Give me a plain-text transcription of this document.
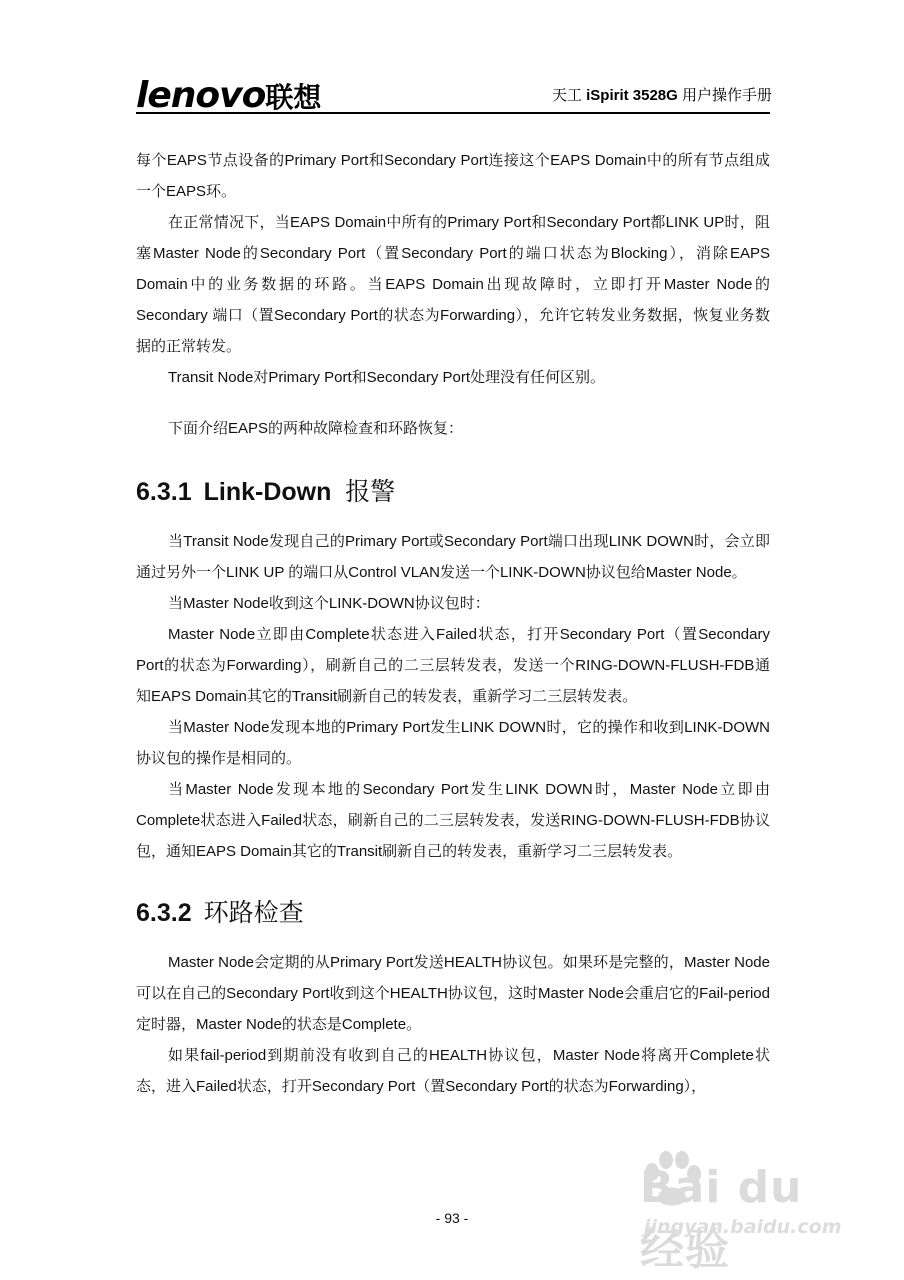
lenovo联想	天工 iSpirit 3528G 用户操作手册

每个EAPS节点设备的Primary Port和Secondary Port连接这个EAPS Domain中的所有节点组成一个EAPS环。

在正常情况下，当EAPS Domain中所有的Primary Port和Secondary Port都LINK UP时，阻塞Master Node的Secondary Port（置Secondary Port的端口状态为Blocking），消除EAPS Domain中的业务数据的环路。当EAPS Domain出现故障时，立即打开Master Node的Secondary 端口（置Secondary Port的状态为Forwarding），允许它转发业务数据，恢复业务数据的正常转发。

Transit Node对Primary Port和Secondary Port处理没有任何区别。

下面介绍EAPS的两种故障检查和环路恢复：

6.3.1 Link-Down 报警

当Transit Node发现自己的Primary Port或Secondary Port端口出现LINK DOWN时，会立即通过另外一个LINK UP 的端口从Control VLAN发送一个LINK-DOWN协议包给Master Node。

当Master Node收到这个LINK-DOWN协议包时：

Master Node立即由Complete状态进入Failed状态，打开Secondary Port（置Secondary Port的状态为Forwarding），刷新自己的二三层转发表，发送一个RING-DOWN-FLUSH-FDB通知EAPS Domain其它的Transit刷新自己的转发表，重新学习二三层转发表。

当Master Node发现本地的Primary Port发生LINK DOWN时，它的操作和收到LINK-DOWN协议包的操作是相同的。

当Master Node发现本地的Secondary Port发生LINK DOWN时，Master Node立即由Complete状态进入Failed状态，刷新自己的二三层转发表，发送RING-DOWN-FLUSH-FDB协议包，通知EAPS Domain其它的Transit刷新自己的转发表，重新学习二三层转发表。

6.3.2 环路检查

Master Node会定期的从Primary Port发送HEALTH协议包。如果环是完整的，Master Node可以在自己的Secondary Port收到这个HEALTH协议包，这时Master Node会重启它的Fail-period定时器，Master Node的状态是Complete。

如果fail-period到期前没有收到自己的HEALTH协议包，Master Node将离开Complete状态，进入Failed状态，打开Secondary Port（置Secondary Port的状态为Forwarding），

- 93 -
Bai du 经验
jingyan.baidu.com
